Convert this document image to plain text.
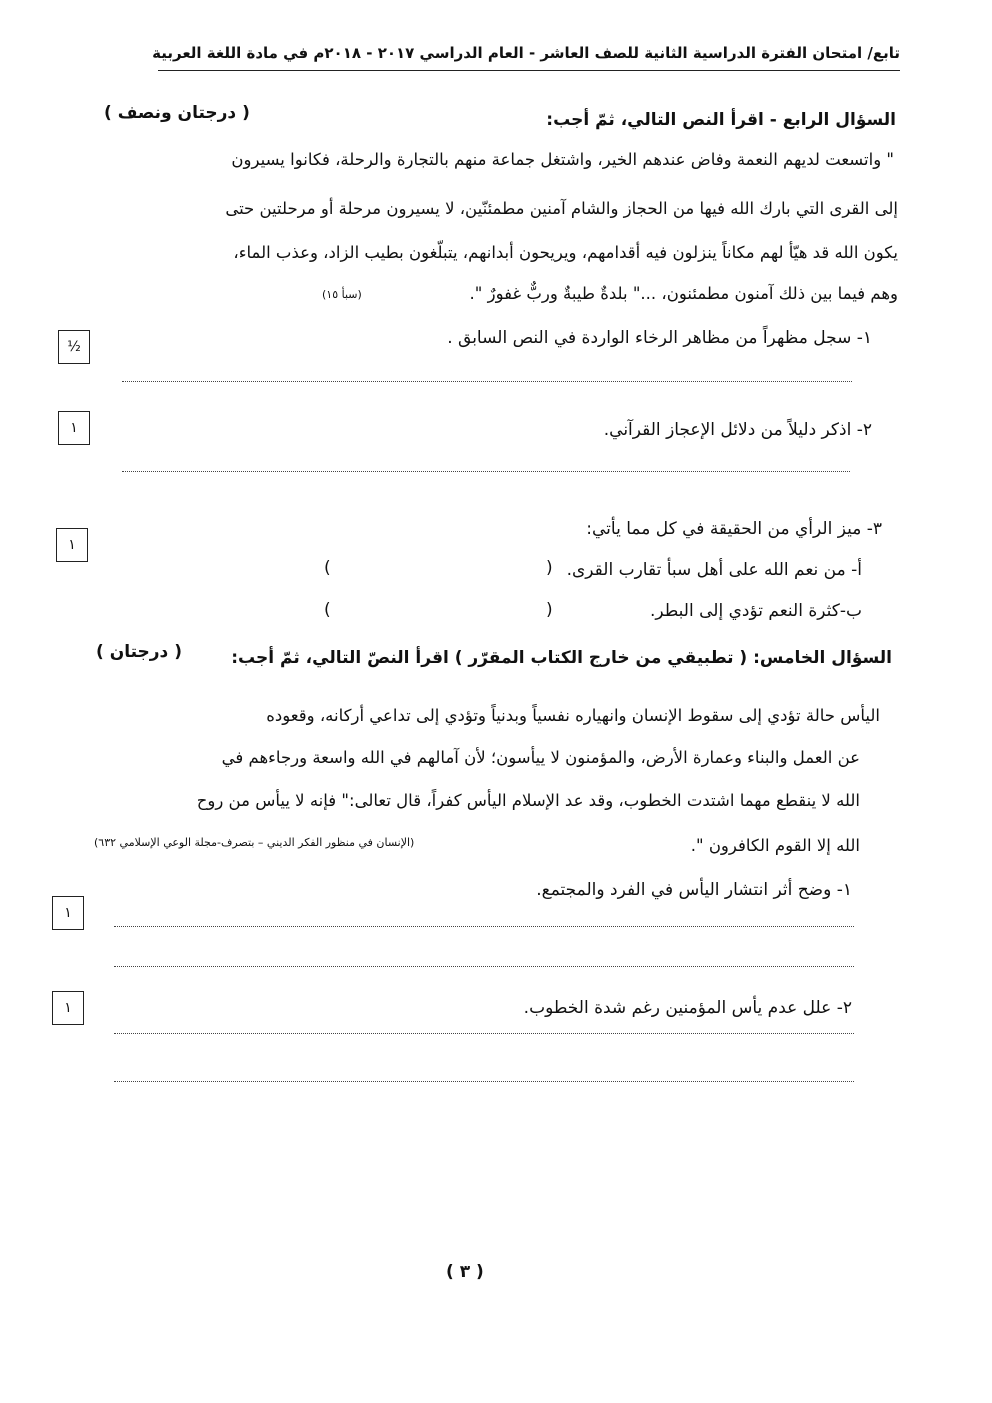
تابع/ امتحان الفترة الدراسية الثانية للصف العاشر - العام الدراسي ٢٠١٧ - ٢٠١٨م في مادة اللغة العربية
السؤال الرابع - اقرأ النص التالي، ثمّ أجب:
( درجتان ونصف )
" واتسعت لديهم النعمة وفاض عندهم الخير، واشتغل جماعة منهم بالتجارة والرحلة، فكانوا يسيرون
إلى القرى التي بارك الله فيها من الحجاز والشام آمنين مطمئنّين، لا يسيرون مرحلة أو مرحلتين حتى
يكون الله قد هيّأ لهم مكاناً ينزلون فيه أقدامهم، ويريحون أبدانهم، يتبلّغون بطيب الزاد، وعذب الماء،
وهم فيما بين ذلك آمنون مطمئنون، ..." بلدةٌ طيبةٌ وربٌّ غفورٌ ".
(سبأ ١٥)
١- سجل مظهراً من مظاهر الرخاء الواردة في النص السابق .
½
٢- اذكر دليلاً من دلائل الإعجاز القرآني.
١
٣- ميز الرأي من الحقيقة في كل مما يأتي:
١
أ- من نعم الله على أهل سبأ تقارب القرى.
(
)
ب-كثرة النعم تؤدي إلى البطر.
(
)
السؤال الخامس: ( تطبيقي من خارج الكتاب المقرّر ) اقرأ النصّ التالي، ثمّ أجب:
( درجتان )
اليأس حالة تؤدي إلى سقوط الإنسان وانهياره نفسياً وبدنياً وتؤدي إلى تداعي أركانه، وقعوده
عن العمل والبناء وعمارة الأرض، والمؤمنون لا ييأسون؛ لأن آمالهم في الله واسعة ورجاءهم في
الله لا ينقطع مهما اشتدت الخطوب، وقد عد الإسلام اليأس كفراً، قال تعالى:" فإنه لا ييأس من روح
الله إلا القوم الكافرون ".
(الإنسان في منظور الفكر الديني – بتصرف-مجلة الوعي الإسلامي ٦٣٢)
١- وضح أثر انتشار اليأس في الفرد والمجتمع.
١
٢- علل عدم يأس المؤمنين رغم شدة الخطوب.
١
( ٣ )
